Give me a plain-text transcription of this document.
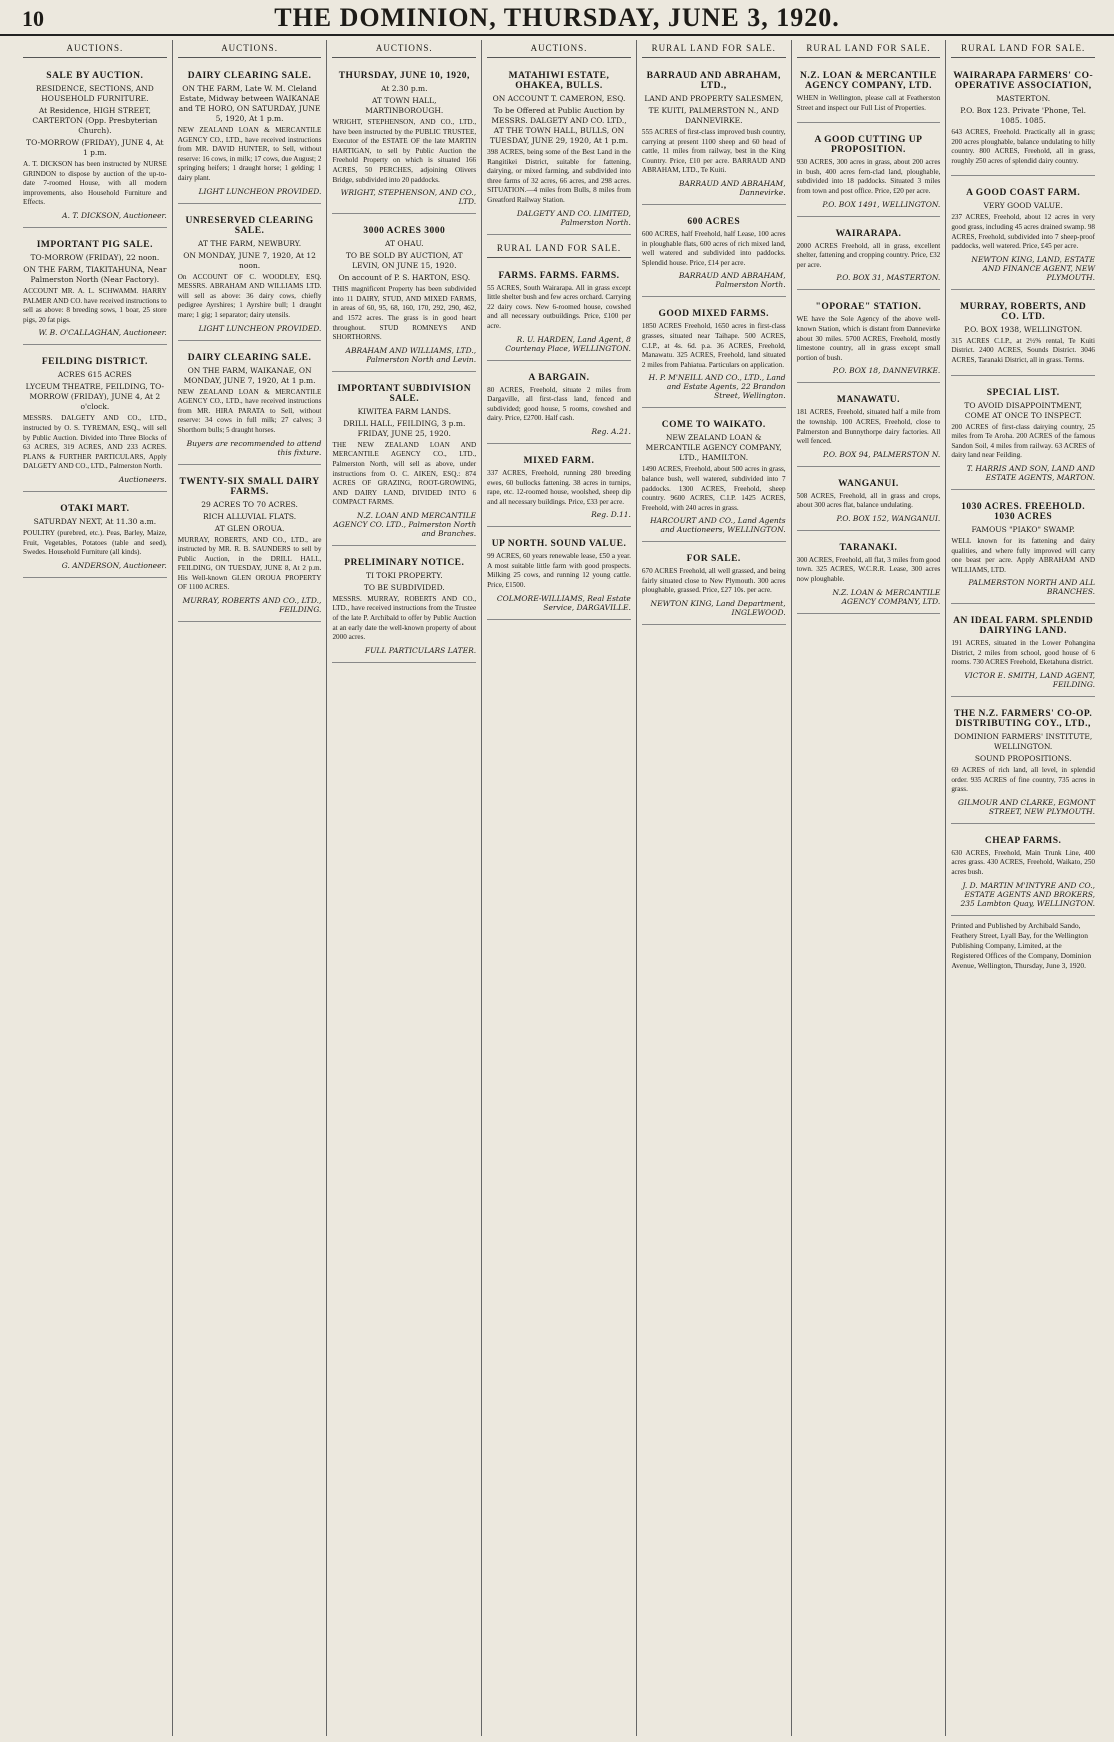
10	THE DOMINION, THURSDAY, JUNE 3, 1920.
AUCTIONS.
SALE BY AUCTION.
RESIDENCE, SECTIONS, AND HOUSEHOLD FURNITURE.
At Residence, HIGH STREET, CARTERTON (Opp. Presbyterian Church).
TO-MORROW (FRIDAY), JUNE 4, At 1 p.m.
A. T. DICKSON has been instructed by NURSE GRINDON to dispose by auction of the up-to-date 7-roomed House, with all modern improvements, also Household Furniture and Effects.
A. T. DICKSON, Auctioneer.
IMPORTANT PIG SALE.
TO-MORROW (FRIDAY), 22 noon.
ON THE FARM, TIAKITAHUNA, Near Palmerston North (Near Factory).
ACCOUNT MR. A. L. SCHWAMM. HARRY PALMER AND CO. have received instructions to sell as above: 8 breeding sows, 1 boar, 25 store pigs, 20 fat pigs.
W. B. O'CALLAGHAN, Auctioneer.
FEILDING DISTRICT.
ACRES 615 ACRES
LYCEUM THEATRE, FEILDING, TO-MORROW (FRIDAY), JUNE 4, At 2 o'clock.
MESSRS. DALGETY AND CO., LTD., instructed by O. S. TYREMAN, ESQ., will sell by Public Auction. Divided into Three Blocks of 63 ACRES, 319 ACRES, AND 233 ACRES. PLANS & FURTHER PARTICULARS, Apply DALGETY AND CO., LTD., Palmerston North.
Auctioneers.
OTAKI MART.
SATURDAY NEXT, At 11.30 a.m.
POULTRY (purebred, etc.). Peas, Barley, Maize, Fruit, Vegetables, Potatoes (table and seed), Swedes. Household Furniture (all kinds).
G. ANDERSON, Auctioneer.
AUCTIONS.
DAIRY CLEARING SALE.
ON THE FARM, Late W. M. Cleland Estate, Midway between WAIKANAE and TE HORO, ON SATURDAY, JUNE 5, 1920, At 1 p.m.
NEW ZEALAND LOAN & MERCANTILE AGENCY CO., LTD., have received instructions from MR. DAVID HUNTER, to Sell, without reserve: 16 cows, in milk; 17 cows, due August; 2 springing heifers; 1 draught horse; 1 gelding; 1 dairy plant.
LIGHT LUNCHEON PROVIDED.
UNRESERVED CLEARING SALE.
AT THE FARM, NEWBURY.
ON MONDAY, JUNE 7, 1920, At 12 noon.
On ACCOUNT OF C. WOODLEY, ESQ. MESSRS. ABRAHAM AND WILLIAMS LTD. will sell as above: 36 dairy cows, chiefly pedigree Ayrshires; 1 Ayrshire bull; 1 draught mare; 1 gig; 1 separator; dairy utensils.
LIGHT LUNCHEON PROVIDED.
DAIRY CLEARING SALE.
ON THE FARM, WAIKANAE, ON MONDAY, JUNE 7, 1920, At 1 p.m.
NEW ZEALAND LOAN & MERCANTILE AGENCY CO., LTD., have received instructions from MR. HIRA PARATA to Sell, without reserve: 34 cows in full milk; 27 calves; 3 Shorthorn bulls; 5 draught horses.
Buyers are recommended to attend this fixture.
TWENTY-SIX SMALL DAIRY FARMS.
29 ACRES TO 70 ACRES.
RICH ALLUVIAL FLATS.
AT GLEN OROUA.
MURRAY, ROBERTS, AND CO., LTD., are instructed by MR. R. B. SAUNDERS to sell by Public Auction, in the DRILL HALL, FEILDING, ON TUESDAY, JUNE 8, At 2 p.m. His Well-known GLEN OROUA PROPERTY OF 1100 ACRES.
MURRAY, ROBERTS AND CO., LTD., FEILDING.
AUCTIONS.
THURSDAY, JUNE 10, 1920,
At 2.30 p.m.
AT TOWN HALL, MARTINBOROUGH.
WRIGHT, STEPHENSON, AND CO., LTD., have been instructed by the PUBLIC TRUSTEE, Executor of the ESTATE OF the late MARTIN HARTIGAN, to sell by Public Auction the Freehold Property on which is situated 166 ACRES, 50 PERCHES, adjoining Olivers Bridge, subdivided into 20 paddocks.
WRIGHT, STEPHENSON, AND CO., LTD.
3000 ACRES 3000
AT OHAU.
TO BE SOLD BY AUCTION, AT LEVIN, ON JUNE 15, 1920.
On account of P. S. HARTON, ESQ.
THIS magnificent Property has been subdivided into 11 DAIRY, STUD, AND MIXED FARMS, in areas of 60, 95, 68, 160, 170, 292, 290, 462, and 1572 acres. The grass is in good heart throughout. STUD ROMNEYS AND SHORTHORNS.
ABRAHAM AND WILLIAMS, LTD., Palmerston North and Levin.
IMPORTANT SUBDIVISION SALE.
KIWITEA FARM LANDS.
DRILL HALL, FEILDING, 3 p.m. FRIDAY, JUNE 25, 1920.
THE NEW ZEALAND LOAN AND MERCANTILE AGENCY CO., LTD., Palmerston North, will sell as above, under instructions from O. C. AIKEN, ESQ.: 874 ACRES OF GRAZING, ROOT-GROWING, AND DAIRY LAND, DIVIDED INTO 6 COMPACT FARMS.
N.Z. LOAN AND MERCANTILE AGENCY CO. LTD., Palmerston North and Branches.
PRELIMINARY NOTICE.
TI TOKI PROPERTY.
TO BE SUBDIVIDED.
MESSRS. MURRAY, ROBERTS AND CO., LTD., have received instructions from the Trustee of the late P. Archibald to offer by Public Auction at an early date the well-known property of about 2000 acres.
FULL PARTICULARS LATER.
AUCTIONS.
MATAHIWI ESTATE, OHAKEA, BULLS.
ON ACCOUNT T. CAMERON, ESQ.
To be Offered at Public Auction by MESSRS. DALGETY AND CO. LTD., AT THE TOWN HALL, BULLS, ON TUESDAY, JUNE 29, 1920, At 1 p.m.
398 ACRES, being some of the Best Land in the Rangitikei District, suitable for fattening, dairying, or mixed farming, and subdivided into three farms of 32 acres, 66 acres, and 298 acres. SITUATION.—4 miles from Bulls, 8 miles from Greatford Railway Station.
DALGETY AND CO. LIMITED, Palmerston North.
RURAL LAND FOR SALE.
FARMS. FARMS. FARMS.
55 ACRES, South Wairarapa. All in grass except little shelter bush and few acres orchard. Carrying 22 dairy cows. New 6-roomed house, cowshed and all necessary outbuildings. Price, £100 per acre.
R. U. HARDEN, Land Agent, 8 Courtenay Place, WELLINGTON.
A BARGAIN.
80 ACRES, Freehold, situate 2 miles from Dargaville, all first-class land, fenced and subdivided; good house, 5 rooms, cowshed and dairy. Price, £2700. Half cash.
Reg. A.21.
MIXED FARM.
337 ACRES, Freehold, running 280 breeding ewes, 60 bullocks fattening. 38 acres in turnips, rape, etc. 12-roomed house, woolshed, sheep dip and all necessary buildings. Price, £33 per acre.
Reg. D.11.
UP NORTH. SOUND VALUE.
99 ACRES, 60 years renewable lease, £50 a year. A most suitable little farm with good prospects. Milking 25 cows, and running 12 young cattle. Price, £1500.
COLMORE-WILLIAMS, Real Estate Service, DARGAVILLE.
RURAL LAND FOR SALE.
BARRAUD AND ABRAHAM, LTD.,
LAND AND PROPERTY SALESMEN,
TE KUITI, PALMERSTON N., AND DANNEVIRKE.
555 ACRES of first-class improved bush country, carrying at present 1100 sheep and 60 head of cattle, 11 miles from railway, best in the King Country. Price, £10 per acre. BARRAUD AND ABRAHAM, LTD., Te Kuiti.
BARRAUD AND ABRAHAM, Dannevirke.
600 ACRES
600 ACRES, half Freehold, half Lease, 100 acres in ploughable flats, 600 acres of rich mixed land, well watered and subdivided into paddocks. Splendid house. Price, £14 per acre.
BARRAUD AND ABRAHAM, Palmerston North.
GOOD MIXED FARMS.
1850 ACRES Freehold, 1650 acres in first-class grasses, situated near Taihape. 500 ACRES, C.I.P., at 4s. 6d. p.a. 36 ACRES, Freehold, Manawatu. 325 ACRES, Freehold, land situated 2 miles from Pahiatua. Particulars on application.
H. P. M'NEILL AND CO., LTD., Land and Estate Agents, 22 Brandon Street, Wellington.
COME TO WAIKATO.
NEW ZEALAND LOAN & MERCANTILE AGENCY COMPANY, LTD., HAMILTON.
1490 ACRES, Freehold, about 500 acres in grass, balance bush, well watered, subdivided into 7 paddocks. 1300 ACRES, Freehold, sheep country. 9600 ACRES, C.I.P. 1425 ACRES, Freehold, with 240 acres in grass.
HARCOURT AND CO., Land Agents and Auctioneers, WELLINGTON.
FOR SALE.
670 ACRES Freehold, all well grassed, and being fairly situated close to New Plymouth. 300 acres ploughable, grassed. Price, £27 10s. per acre.
NEWTON KING, Land Department, INGLEWOOD.
RURAL LAND FOR SALE.
N.Z. LOAN & MERCANTILE AGENCY COMPANY, LTD.
WHEN in Wellington, please call at Featherston Street and inspect our Full List of Properties.
A GOOD CUTTING UP PROPOSITION.
930 ACRES, 300 acres in grass, about 200 acres in bush, 400 acres fern-clad land, ploughable, subdivided into 18 paddocks. Situated 3 miles from town and post office. Price, £20 per acre.
P.O. BOX 1491, WELLINGTON.
WAIRARAPA.
2000 ACRES Freehold, all in grass, excellent shelter, fattening and cropping country. Price, £32 per acre.
P.O. BOX 31, MASTERTON.
"OPORAE" STATION.
WE have the Sole Agency of the above well-known Station, which is distant from Dannevirke about 30 miles. 5700 ACRES, Freehold, mostly limestone country, all in grass except small portion of bush.
P.O. BOX 18, DANNEVIRKE.
MANAWATU.
181 ACRES, Freehold, situated half a mile from the township. 100 ACRES, Freehold, close to Palmerston and Bunnythorpe dairy factories. All well fenced.
P.O. BOX 94, PALMERSTON N.
WANGANUI.
508 ACRES, Freehold, all in grass and crops, about 300 acres flat, balance undulating.
P.O. BOX 152, WANGANUI.
TARANAKI.
300 ACRES, Freehold, all flat, 3 miles from good town. 325 ACRES, W.C.R.R. Lease, 300 acres now ploughable.
N.Z. LOAN & MERCANTILE AGENCY COMPANY, LTD.
RURAL LAND FOR SALE.
WAIRARAPA FARMERS' CO-OPERATIVE ASSOCIATION,
MASTERTON.
P.O. Box 123. Private 'Phone, Tel. 1085. 1085.
643 ACRES, Freehold. Practically all in grass; 200 acres ploughable, balance undulating to hilly country. 800 ACRES, Freehold, all in grass, roughly 250 acres of splendid dairy country.
A GOOD COAST FARM.
VERY GOOD VALUE.
237 ACRES, Freehold, about 12 acres in very good grass, including 45 acres drained swamp. 98 ACRES, Freehold, subdivided into 7 sheep-proof paddocks, well watered. Price, £45 per acre.
NEWTON KING, LAND, ESTATE AND FINANCE AGENT, NEW PLYMOUTH.
MURRAY, ROBERTS, AND CO. LTD.
P.O. BOX 1938, WELLINGTON.
315 ACRES C.I.P., at 2½% rental, Te Kuiti District. 2400 ACRES, Sounds District. 3046 ACRES, Taranaki District, all in grass. Terms.
SPECIAL LIST.
TO AVOID DISAPPOINTMENT, COME AT ONCE TO INSPECT.
200 ACRES of first-class dairying country, 25 miles from Te Aroha. 200 ACRES of the famous Sandon Soil, 4 miles from railway. 63 ACRES of dairy land near Feilding.
T. HARRIS AND SON, LAND AND ESTATE AGENTS, MARTON.
1030 ACRES. FREEHOLD. 1030 ACRES
FAMOUS "PIAKO" SWAMP.
WELL known for its fattening and dairy qualities, and where fully improved will carry one beast per acre. Apply ABRAHAM AND WILLIAMS, LTD.
PALMERSTON NORTH AND ALL BRANCHES.
AN IDEAL FARM. SPLENDID DAIRYING LAND.
191 ACRES, situated in the Lower Pohangina District, 2 miles from school, good house of 6 rooms. 730 ACRES Freehold, Eketahuna district.
VICTOR E. SMITH, LAND AGENT, FEILDING.
THE N.Z. FARMERS' CO-OP. DISTRIBUTING COY., LTD.,
DOMINION FARMERS' INSTITUTE, WELLINGTON.
SOUND PROPOSITIONS.
69 ACRES of rich land, all level, in splendid order. 935 ACRES of fine country, 735 acres in grass.
GILMOUR AND CLARKE, EGMONT STREET, NEW PLYMOUTH.
CHEAP FARMS.
630 ACRES, Freehold, Main Trunk Line, 400 acres grass. 430 ACRES, Freehold, Waikato, 250 acres bush.
J. D. MARTIN M'INTYRE AND CO., ESTATE AGENTS AND BROKERS, 235 Lambton Quay, WELLINGTON.
Printed and Published by Archibald Sando, Feathery Street, Lyall Bay, for the Wellington Publishing Company, Limited, at the Registered Offices of the Company, Dominion Avenue, Wellington, Thursday, June 3, 1920.
